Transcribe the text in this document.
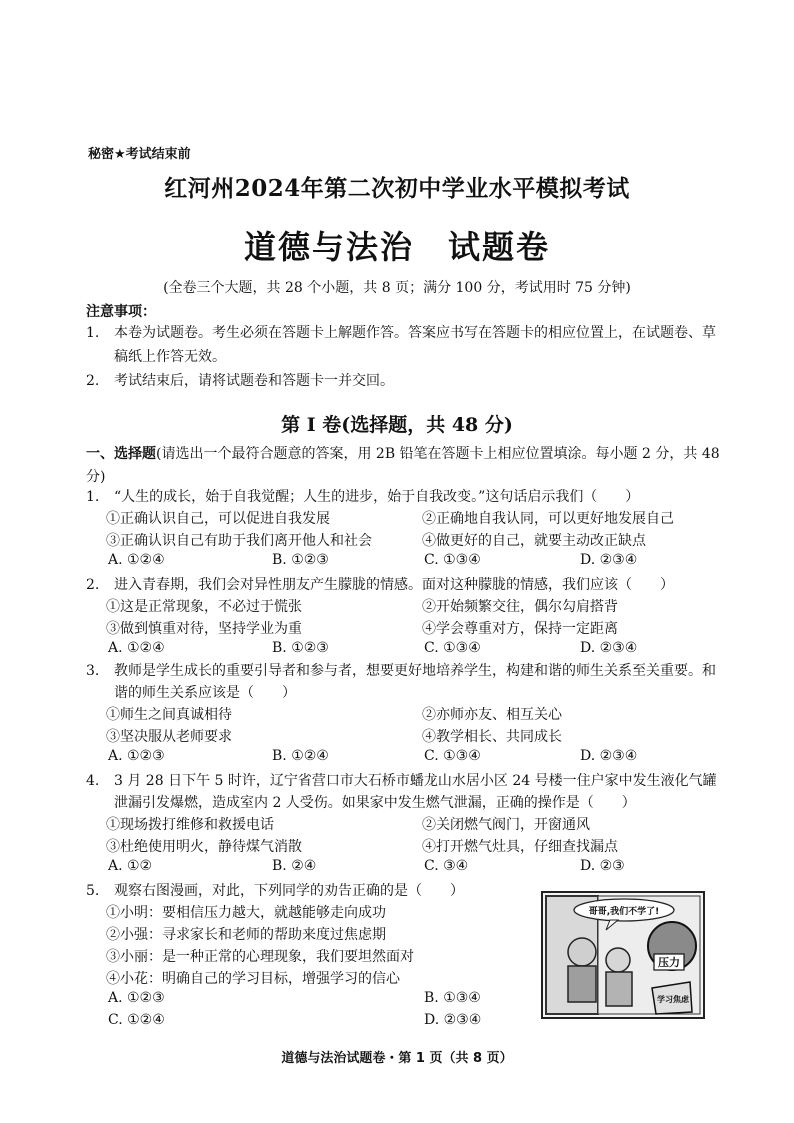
秘密★考试结束前
红河州2024年第二次初中学业水平模拟考试
道德与法治　试题卷
(全卷三个大题，共 28 个小题，共 8 页；满分 100 分，考试用时 75 分钟)
注意事项：
1.	本卷为试题卷。考生必须在答题卡上解题作答。答案应书写在答题卡的相应位置上，在试题卷、草稿纸上作答无效。
2.	考试结束后，请将试题卷和答题卡一并交回。
第 I 卷(选择题，共 48 分)
一、选择题(请选出一个最符合题意的答案，用 2B 铅笔在答题卡上相应位置填涂。每小题 2 分，共 48 分)
1.	“人生的成长，始于自我觉醒；人生的进步，始于自我改变。”这句话启示我们（　　）
①正确认识自己，可以促进自我发展	②正确地自我认同，可以更好地发展自己
③正确认识自己有助于我们离开他人和社会	④做更好的自己，就要主动改正缺点
A. ①②④	B. ①②③	C. ①③④	D. ②③④
2.	进入青春期，我们会对异性朋友产生朦胧的情感。面对这种朦胧的情感，我们应该（　　）
①这是正常现象，不必过于慌张	②开始频繁交往，偶尔勾肩搭背
③做到慎重对待，坚持学业为重	④学会尊重对方，保持一定距离
A. ①②④	B. ①②③	C. ①③④	D. ②③④
3.	教师是学生成长的重要引导者和参与者，想要更好地培养学生，构建和谐的师生关系至关重要。和谐的师生关系应该是（　　）
①师生之间真诚相待	②亦师亦友、相互关心
③坚决服从老师要求	④教学相长、共同成长
A. ①②③	B. ①②④	C. ①③④	D. ②③④
4.	3 月 28 日下午 5 时许，辽宁省营口市大石桥市蟠龙山水居小区 24 号楼一住户家中发生液化气罐泄漏引发爆燃，造成室内 2 人受伤。如果家中发生燃气泄漏，正确的操作是（　　）
①现场拨打维修和救援电话	②关闭燃气阀门，开窗通风
③杜绝使用明火，静待煤气消散	④打开燃气灶具，仔细查找漏点
A. ①②	B. ②④	C. ③④	D. ②③
5.	观察右图漫画，对此，下列同学的劝告正确的是（　　）
①小明：要相信压力越大，就越能够走向成功
②小强：寻求家长和老师的帮助来度过焦虑期
③小丽：是一种正常的心理现象，我们要坦然面对
④小花：明确自己的学习目标，增强学习的信心
A. ①②③	B. ①③④
C. ①②④	D. ②③④
哥哥,我们不学了!
压力
学习焦虑
道德与法治试题卷・第 1 页（共 8 页）
